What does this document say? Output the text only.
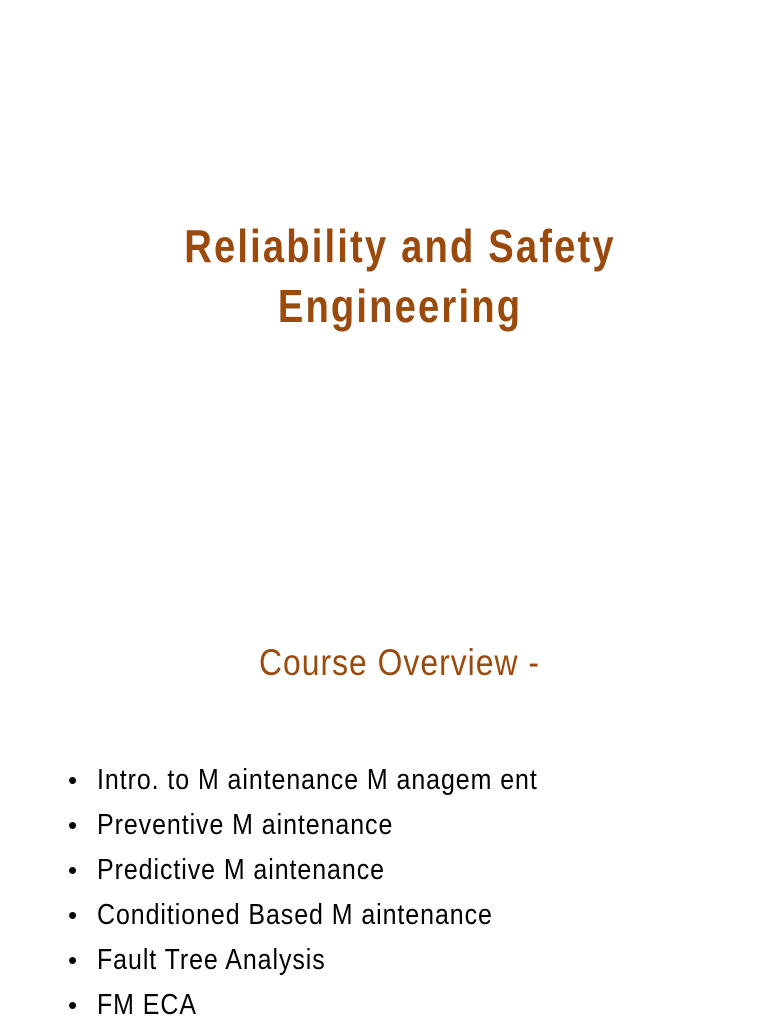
Reliability and Safety
Engineering
Course Overview -
• Intro. to M aintenance M anagem ent
• Preventive M aintenance
• Predictive M aintenance
• Conditioned Based M aintenance
• Fault Tree Analysis
• FM ECA
